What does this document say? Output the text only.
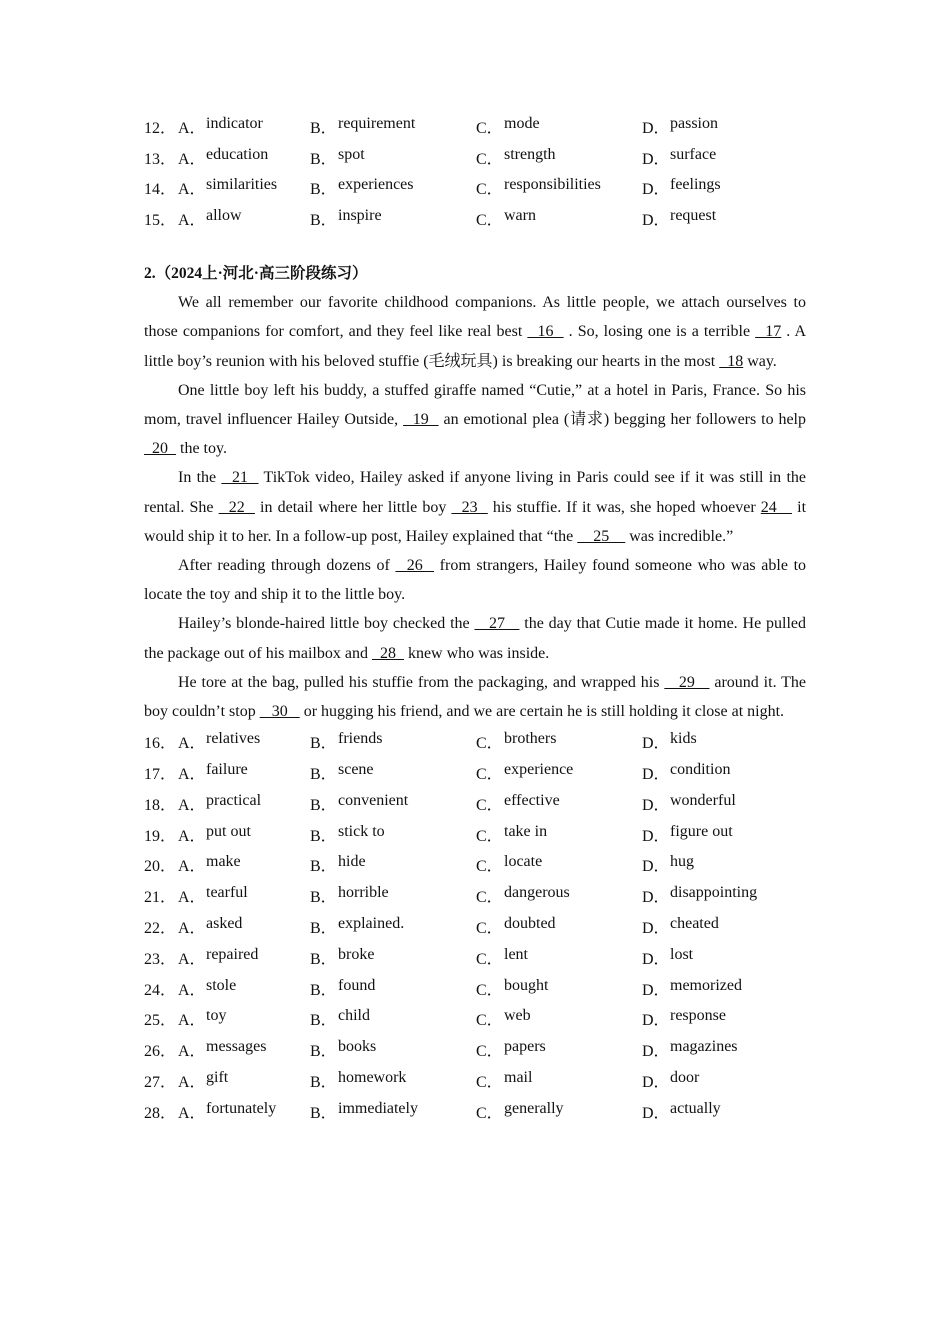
12． A． indicator	B． requirement	C． mode	D． passion
13． A． education	B． spot	C． strength	D． surface
14． A． similarities B． experiences	C． responsibilities	D． feelings
15． A． allow	B． inspire	C． warn	D． request
2.（2024上·河北·高三阶段练习）

We all remember our favorite childhood companions. As little people, we attach ourselves to those companions for comfort, and they feel like real best   16   . So, losing one is a terrible   17 . A little boy’s reunion with his beloved stuffie (毛绒玩具) is breaking our hearts in the most   18 way.

One little boy left his buddy, a stuffed giraffe named “Cutie,” at a hotel in Paris, France. So his mom, travel influencer Hailey Outside,   19   an emotional plea (请求) begging her followers to help   20   the toy.

In the   21   TikTok video, Hailey asked if anyone living in Paris could see if it was still in the rental. She   22   in detail where her little boy   23   his stuffie. If it was, she hoped whoever 24    it would ship it to her. In a follow-up post, Hailey explained that “the     25     was incredible.”

After reading through dozens of   26   from strangers, Hailey found someone who was able to locate the toy and ship it to the little boy.

Hailey’s blonde-haired little boy checked the    27    the day that Cutie made it home. He pulled the package out of his mailbox and   28   knew who was inside.

He tore at the bag, pulled his stuffie from the packaging, and wrapped his    29    around it. The boy couldn’t stop    30    or hugging his friend, and we are certain he is still holding it close at night.

16． A． relatives	B． friends	C． brothers	D． kids
17． A． failure	B． scene	C． experience	D． condition
18． A． practical	B． convenient	C． effective	D． wonderful
19． A． put out	B． stick to	C． take in	D． figure out
20． A． make	B． hide	C． locate	D． hug
21． A． tearful	B． horrible	C． dangerous	D． disappointing
22． A． asked	B． explained.	C． doubted	D． cheated
23． A． repaired	B． broke	C． lent	D． lost
24． A． stole	B． found	C． bought	D． memorized
25． A． toy	B． child	C． web	D． response
26． A． messages	B． books	C． papers	D． magazines
27． A． gift	B． homework	C． mail	D． door
28． A． fortunately B． immediately	C． generally	D． actually
